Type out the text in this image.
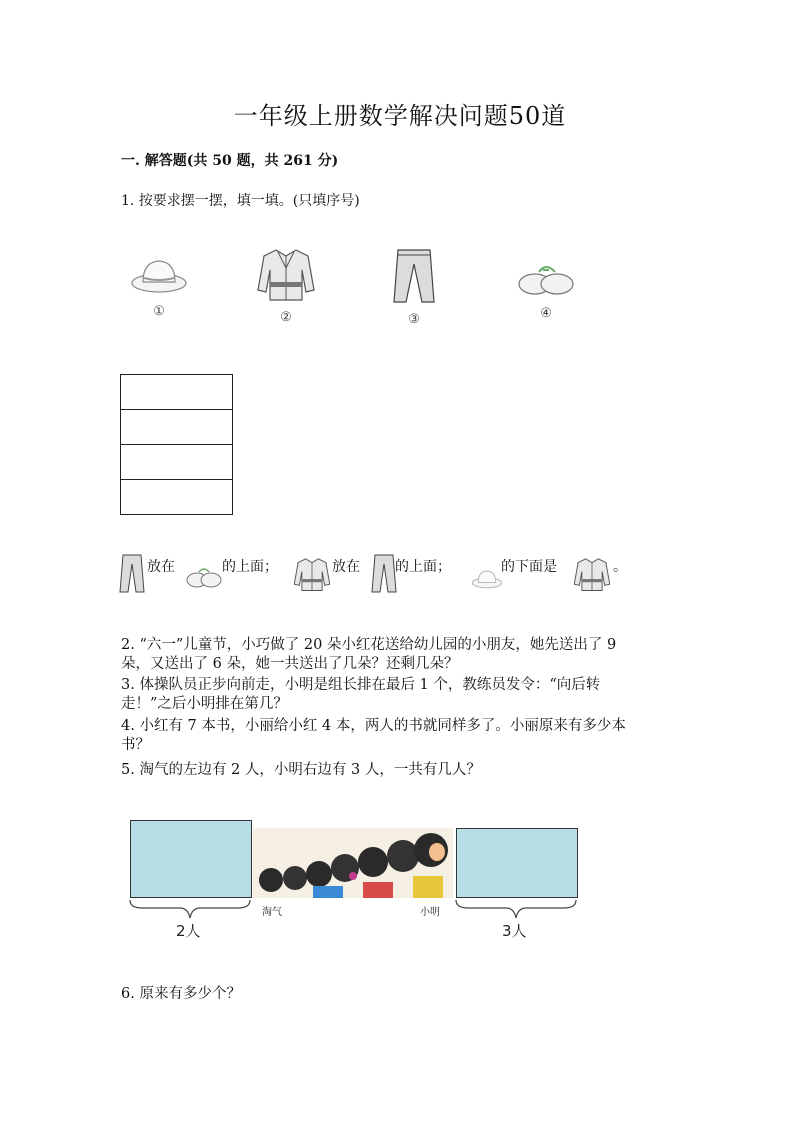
一年级上册数学解决问题50道
一. 解答题(共 50 题，共 261 分)
1. 按要求摆一摆，填一填。(只填序号)
①	②	③	④
放在	的上面；	放在	的上面；	的下面是	。
2. “六一”儿童节，小巧做了 20 朵小红花送给幼儿园的小朋友，她先送出了 9
朵，又送出了 6 朵，她一共送出了几朵？还剩几朵？
3. 体操队员正步向前走，小明是组长排在最后 1 个，教练员发令：“向后转
走！”之后小明排在第几？
4. 小红有 7 本书，小丽给小红 4 本，两人的书就同样多了。小丽原来有多少本
书？
5. 淘气的左边有 2 人，小明右边有 3 人，一共有几人？
淘气	小明
2人	3人
6. 原来有多少个？
